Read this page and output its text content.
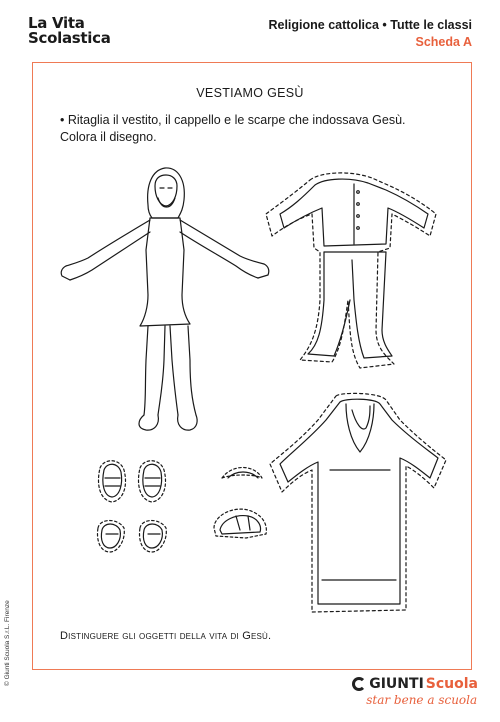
La Vita
Scolastica
Religione cattolica • Tutte le classi
Scheda A
VESTIAMO GESÙ
• Ritaglia il vestito, il cappello e le scarpe che indossava Gesù. Colora il disegno.
© Giunti Scuola S.r.L. Firenze	Distinguere gli oggetti della vita di Gesù.
GIUNTI Scuola
star bene a scuola
